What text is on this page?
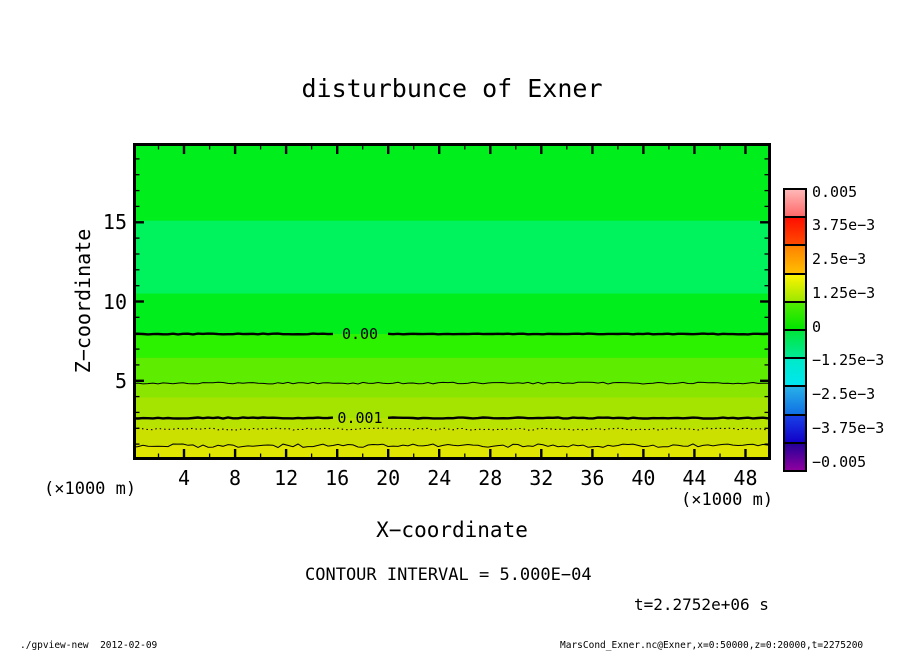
disturbunce of Exner
Z−coordinate	0.00
0.001
4 8 12 16 20 24 28 32 36 40 44 48
5
10
15
(×1000 m)
(×1000 m)
X−coordinate
CONTOUR INTERVAL = 5.000E−04
t=2.2752e+06 s
0.005
3.75e−3
2.5e−3
1.25e−3
0
−1.25e−3
−2.5e−3
−3.75e−3
−0.005
./gpview-new  2012-02-09	MarsCond_Exner.nc@Exner,x=0:50000,z=0:20000,t=2275200
